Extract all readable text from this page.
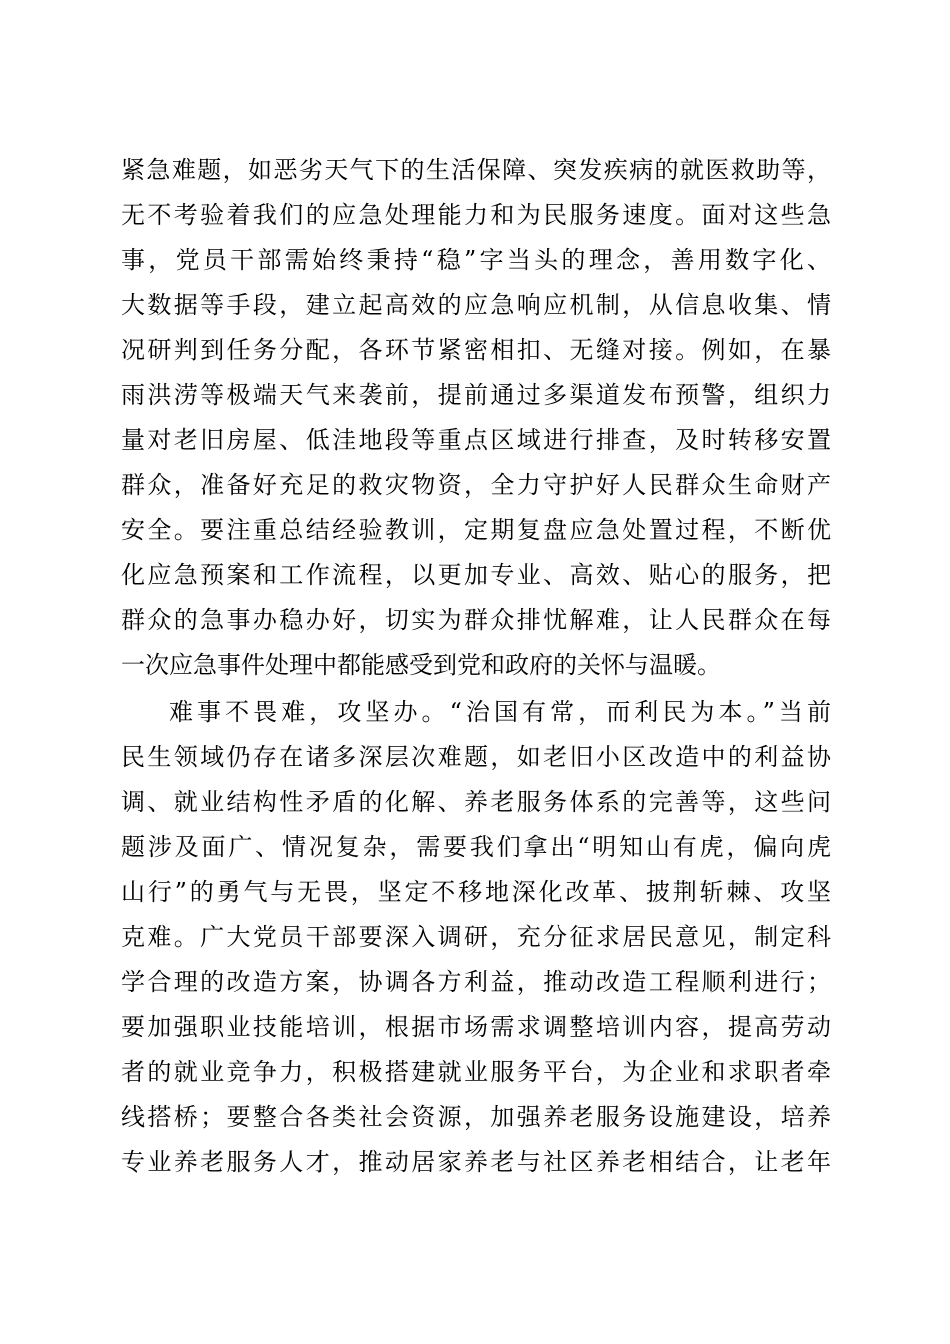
紧急难题，如恶劣天气下的生活保障、突发疾病的就医救助等，
无不考验着我们的应急处理能力和为民服务速度。面对这些急
事，党员干部需始终秉持“稳”字当头的理念，善用数字化、
大数据等手段，建立起高效的应急响应机制，从信息收集、情
况研判到任务分配，各环节紧密相扣、无缝对接。例如，在暴
雨洪涝等极端天气来袭前，提前通过多渠道发布预警，组织力
量对老旧房屋、低洼地段等重点区域进行排查，及时转移安置
群众，准备好充足的救灾物资，全力守护好人民群众生命财产
安全。要注重总结经验教训，定期复盘应急处置过程，不断优
化应急预案和工作流程，以更加专业、高效、贴心的服务，把
群众的急事办稳办好，切实为群众排忧解难，让人民群众在每
一次应急事件处理中都能感受到党和政府的关怀与温暖。
难事不畏难，攻坚办。“治国有常，而利民为本。”当前
民生领域仍存在诸多深层次难题，如老旧小区改造中的利益协
调、就业结构性矛盾的化解、养老服务体系的完善等，这些问
题涉及面广、情况复杂，需要我们拿出“明知山有虎，偏向虎
山行”的勇气与无畏，坚定不移地深化改革、披荆斩棘、攻坚
克难。广大党员干部要深入调研，充分征求居民意见，制定科
学合理的改造方案，协调各方利益，推动改造工程顺利进行；
要加强职业技能培训，根据市场需求调整培训内容，提高劳动
者的就业竞争力，积极搭建就业服务平台，为企业和求职者牵
线搭桥；要整合各类社会资源，加强养老服务设施建设，培养
专业养老服务人才，推动居家养老与社区养老相结合，让老年
